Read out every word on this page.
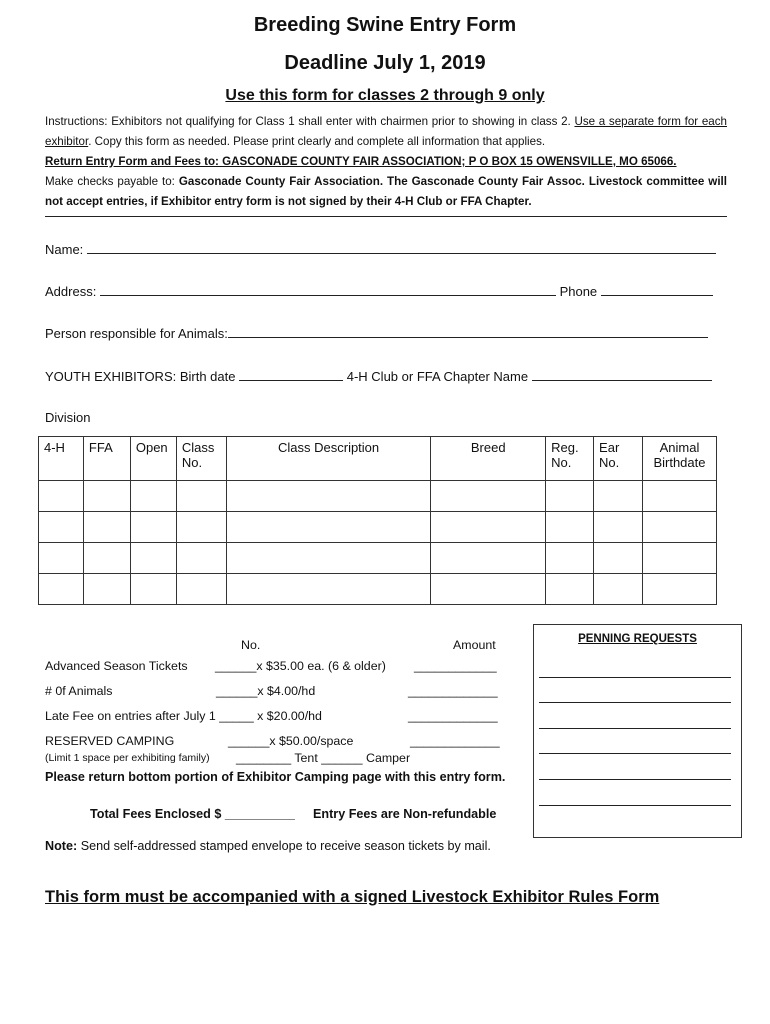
Breeding Swine Entry Form
Deadline July 1, 2019
Use this form for classes 2 through 9 only
Instructions: Exhibitors not qualifying for Class 1 shall enter with chairmen prior to showing in class 2. Use a separate form for each exhibitor. Copy this form as needed. Please print clearly and complete all information that applies.
Return Entry Form and Fees to: GASCONADE COUNTY FAIR ASSOCIATION; P O BOX 15 OWENSVILLE, MO 65066.
Make checks payable to: Gasconade County Fair Association. The Gasconade County Fair Assoc. Livestock committee will not accept entries, if Exhibitor entry form is not signed by their 4-H Club or FFA Chapter.
Name:
Address:	Phone
Person responsible for Animals:
YOUTH EXHIBITORS: Birth date	4-H Club or FFA Chapter Name
Division
4-H	FFA	Open	Class No.	Class Description	Breed	Reg. No.	Ear No.	Animal Birthdate

No.	Amount
Advanced Season Tickets ______x $35.00 ea. (6 & older) ____________
# 0f Animals	______x $4.00/hd	_____________
Late Fee on entries after July 1 _____ x $20.00/hd	_____________
RESERVED CAMPING	______x $50.00/space	_____________
(Limit 1 space per exhibiting family) ________ Tent ______ Camper
Please return bottom portion of Exhibitor Camping page with this entry form.
Total Fees Enclosed $ __________ Entry Fees are Non-refundable
Note: Send self-addressed stamped envelope to receive season tickets by mail.
PENNING REQUESTS
This form must be accompanied with a signed Livestock Exhibitor Rules Form
